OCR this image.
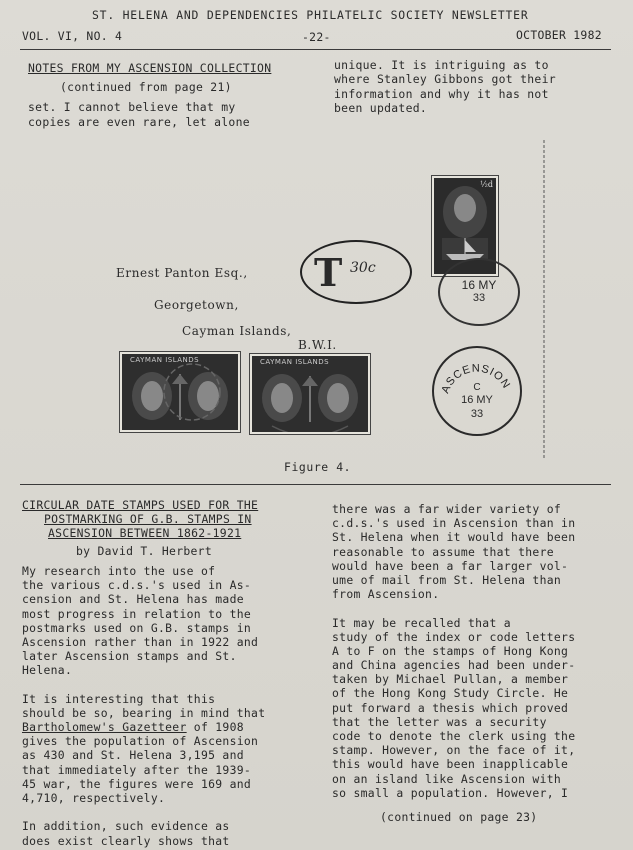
ST. HELENA AND DEPENDENCIES PHILATELIC SOCIETY NEWSLETTER
VOL. VI, NO. 4	-22-	OCTOBER 1982
NOTES FROM MY ASCENSION COLLECTION
(continued from page 21)
set. I cannot believe that my
copies are even rare, let alone
unique. It is intriguing as to
where Stanley Gibbons got their
information and why it has not
been updated.
½d
16 MY
33
T 30c
Ernest Panton Esq.,
Georgetown,
Cayman Islands,
B.W.I.
CAYMAN ISLANDS	CAYMAN ISLANDS
ASCENSION
C
16 MY
33
Figure 4.
CIRCULAR DATE STAMPS USED FOR THE
POSTMARKING OF G.B. STAMPS IN
ASCENSION BETWEEN 1862-1921
by David T. Herbert
My research into the use of
the various c.d.s.'s used in As-
cension and St. Helena has made
most progress in relation to the
postmarks used on G.B. stamps in
Ascension rather than in 1922 and
later Ascension stamps and St.
Helena.
It is interesting that this
should be so, bearing in mind that
Bartholomew's Gazetteer of 1908
gives the population of Ascension
as 430 and St. Helena 3,195 and
that immediately after the 1939-
45 war, the figures were 169 and
4,710, respectively.
In addition, such evidence as
does exist clearly shows that
there was a far wider variety of
c.d.s.'s used in Ascension than in
St. Helena when it would have been
reasonable to assume that there
would have been a far larger vol-
ume of mail from St. Helena than
from Ascension.
It may be recalled that a
study of the index or code letters
A to F on the stamps of Hong Kong
and China agencies had been under-
taken by Michael Pullan, a member
of the Hong Kong Study Circle. He
put forward a thesis which proved
that the letter was a security
code to denote the clerk using the
stamp. However, on the face of it,
this would have been inapplicable
on an island like Ascension with
so small a population. However, I
(continued on page 23)
